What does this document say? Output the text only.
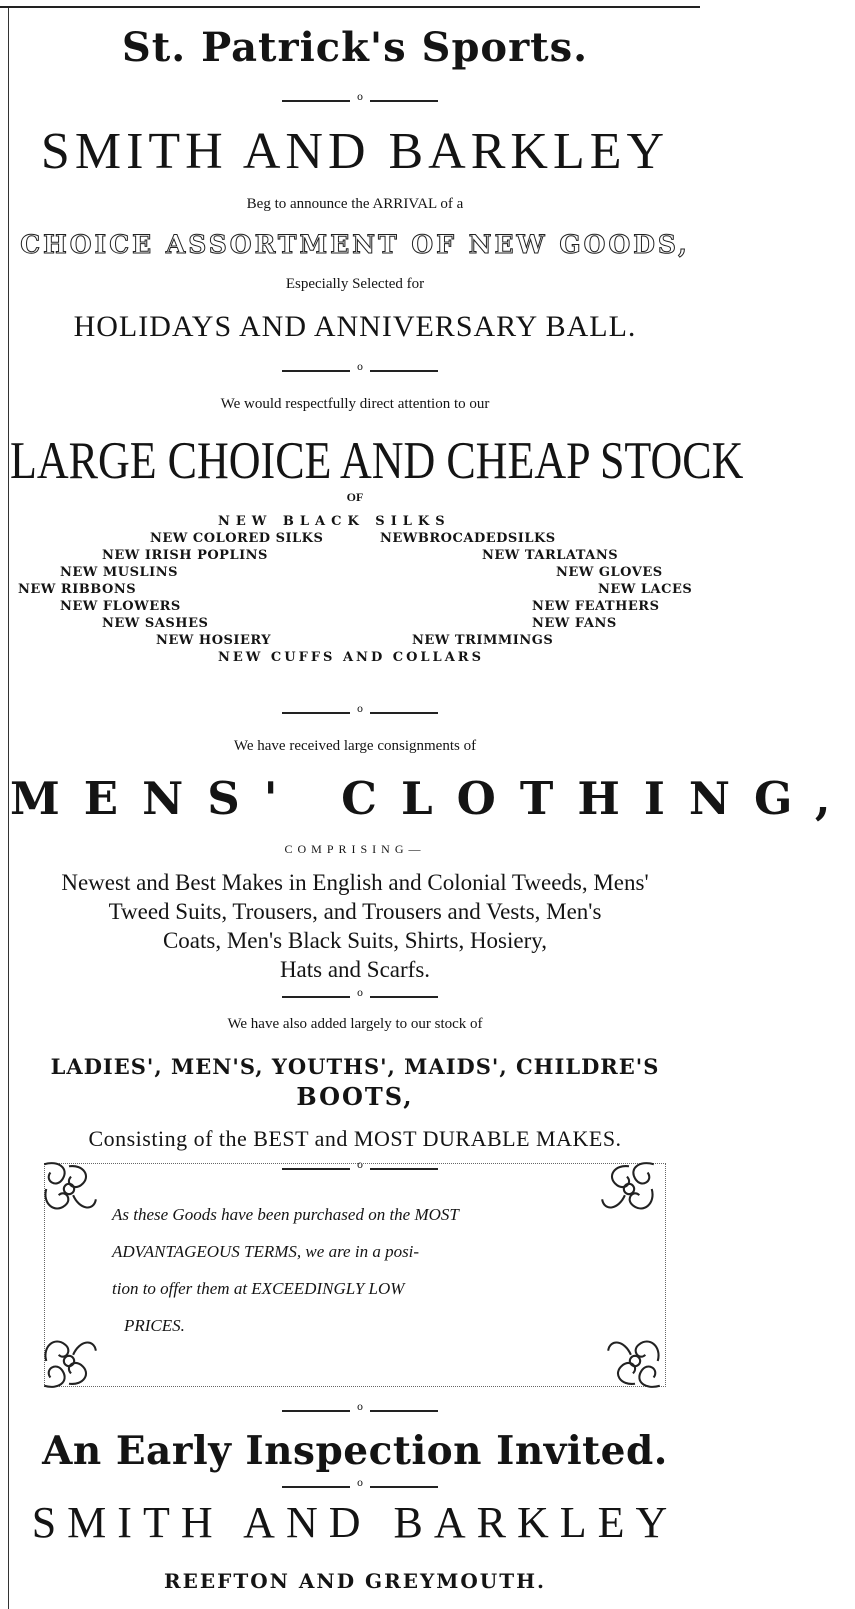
St. Patrick's Sports.
o
SMITH AND BARKLEY
Beg to announce the ARRIVAL of a
CHOICE ASSORTMENT OF NEW GOODS,
Especially Selected for
HOLIDAYS AND ANNIVERSARY BALL.
o
We would respectfully direct attention to our
LARGE CHOICE AND CHEAP STOCK
OF
NEW BLACK SILKS
NEW COLORED SILKS	NEWBROCADEDSILKS
NEW IRISH POPLINS	NEW TARLATANS
NEW MUSLINS	NEW GLOVES
NEW RIBBONS	NEW LACES
NEW FLOWERS	NEW FEATHERS
NEW SASHES	NEW FANS
NEW HOSIERY	NEW TRIMMINGS
NEW CUFFS AND COLLARS
o
We have received large consignments of
MENS' CLOTHING,
COMPRISING—
Newest and Best Makes in English and Colonial Tweeds, Mens'
Tweed Suits, Trousers, and Trousers and Vests, Men's
Coats, Men's Black Suits, Shirts, Hosiery,
Hats and Scarfs.
o
We have also added largely to our stock of
LADIES', MEN'S, YOUTHS', MAIDS', CHILDRE'S
BOOTS,
Consisting of the BEST and MOST DURABLE MAKES.
o
As these Goods have been purchased on the MOST
ADVANTAGEOUS TERMS, we are in a posi-
tion to offer them at EXCEEDINGLY LOW
PRICES.
o
An Early Inspection Invited.
o
SMITH AND BARKLEY
REEFTON AND GREYMOUTH.
